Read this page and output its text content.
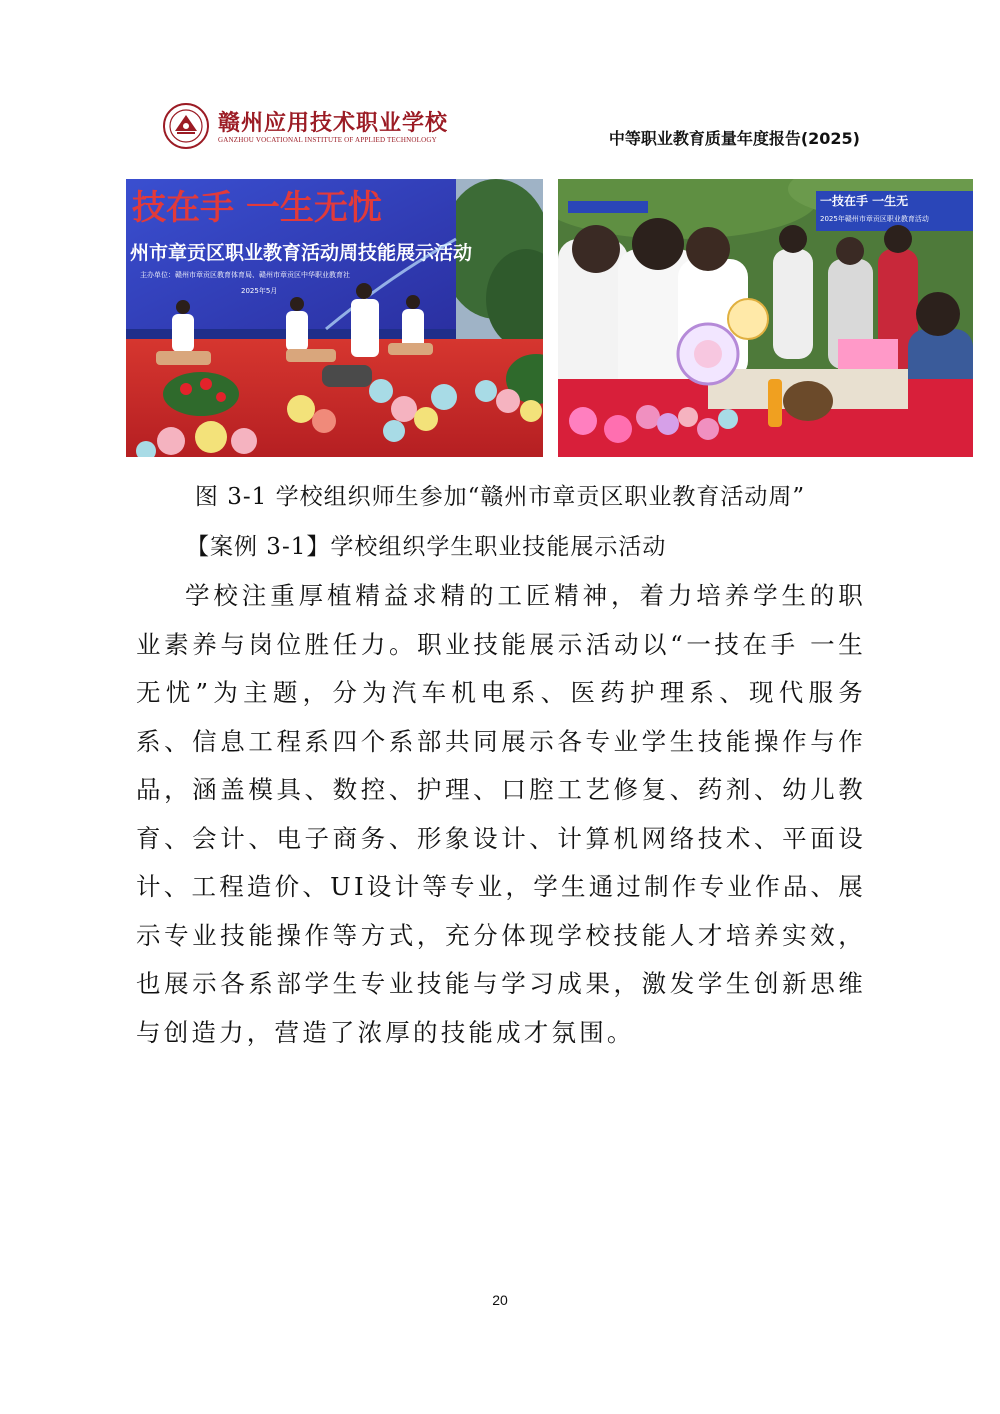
赣州应用技术职业学校
GANZHOU VOCATIONAL INSTITUTE OF APPLIED TECHNOLOGY	中等职业教育质量年度报告(2025)
技在手 一生无忧
州市章贡区职业教育活动周技能展示活动
主办单位：赣州市章贡区教育体育局、赣州市章贡区中华职业教育社
2025年5月
一技在手 一生无
2025年赣州市章贡区职业教育活动
图 3-1 学校组织师生参加“赣州市章贡区职业教育活动周”
【案例 3-1】学校组织学生职业技能展示活动
学校注重厚植精益求精的工匠精神，着力培养学生的职业素养与岗位胜任力。职业技能展示活动以“一技在手 一生无忧”为主题，分为汽车机电系、医药护理系、现代服务系、信息工程系四个系部共同展示各专业学生技能操作与作品，涵盖模具、数控、护理、口腔工艺修复、药剂、幼儿教育、会计、电子商务、形象设计、计算机网络技术、平面设计、工程造价、UI设计等专业，学生通过制作专业作品、展示专业技能操作等方式，充分体现学校技能人才培养实效，也展示各系部学生专业技能与学习成果，激发学生创新思维与创造力，营造了浓厚的技能成才氛围。
20
